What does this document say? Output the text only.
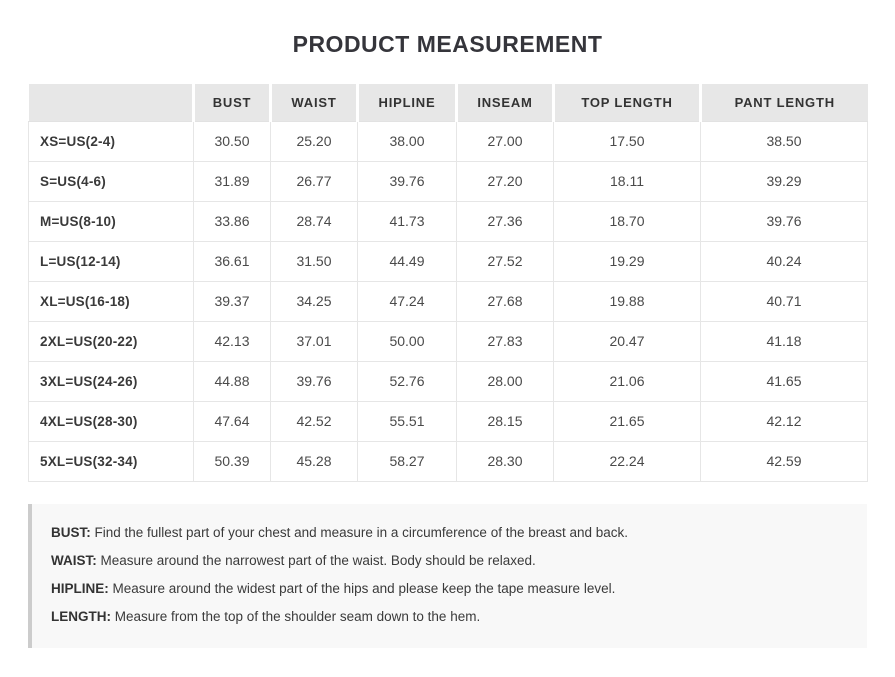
PRODUCT MEASUREMENT
	BUST	WAIST	HIPLINE	INSEAM	TOP LENGTH	PANT LENGTH
XS=US(2-4)	30.50	25.20	38.00	27.00	17.50	38.50
S=US(4-6)	31.89	26.77	39.76	27.20	18.11	39.29
M=US(8-10)	33.86	28.74	41.73	27.36	18.70	39.76
L=US(12-14)	36.61	31.50	44.49	27.52	19.29	40.24
XL=US(16-18)	39.37	34.25	47.24	27.68	19.88	40.71
2XL=US(20-22)	42.13	37.01	50.00	27.83	20.47	41.18
3XL=US(24-26)	44.88	39.76	52.76	28.00	21.06	41.65
4XL=US(28-30)	47.64	42.52	55.51	28.15	21.65	42.12
5XL=US(32-34)	50.39	45.28	58.27	28.30	22.24	42.59

BUST: Find the fullest part of your chest and measure in a circumference of the breast and back.

WAIST: Measure around the narrowest part of the waist. Body should be relaxed.

HIPLINE: Measure around the widest part of the hips and please keep the tape measure level.

LENGTH: Measure from the top of the shoulder seam down to the hem.
